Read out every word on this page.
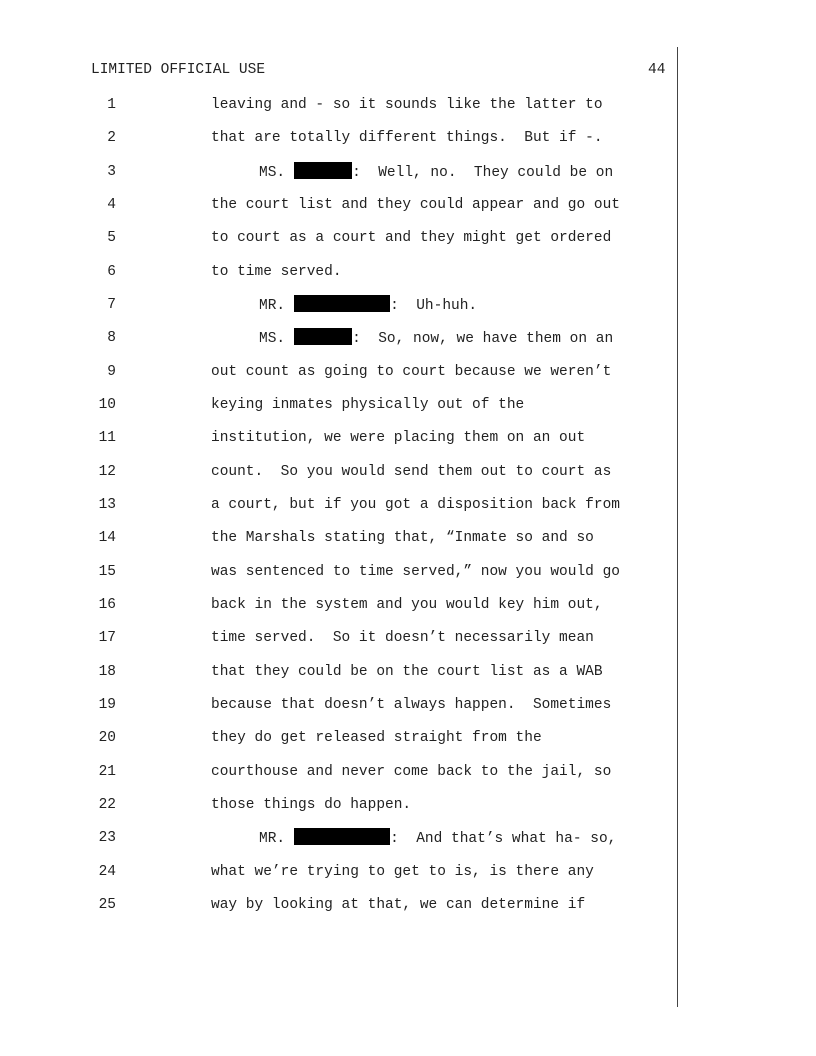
LIMITED OFFICIAL USE	44
1	leaving and - so it sounds like the latter to
2	that are totally different things.  But if -.
3	MS.	:  Well, no.  They could be on
4	the court list and they could appear and go out
5	to court as a court and they might get ordered
6	to time served.
7	MR.	:  Uh-huh.
8	MS.	:  So, now, we have them on an
9	out count as going to court because we weren’t
10	keying inmates physically out of the
11	institution, we were placing them on an out
12	count.  So you would send them out to court as
13	a court, but if you got a disposition back from
14	the Marshals stating that, “Inmate so and so
15	was sentenced to time served,” now you would go
16	back in the system and you would key him out,
17	time served.  So it doesn’t necessarily mean
18	that they could be on the court list as a WAB
19	because that doesn’t always happen.  Sometimes
20	they do get released straight from the
21	courthouse and never come back to the jail, so
22	those things do happen.
23	MR.	:  And that’s what ha- so,
24	what we’re trying to get to is, is there any
25	way by looking at that, we can determine if
